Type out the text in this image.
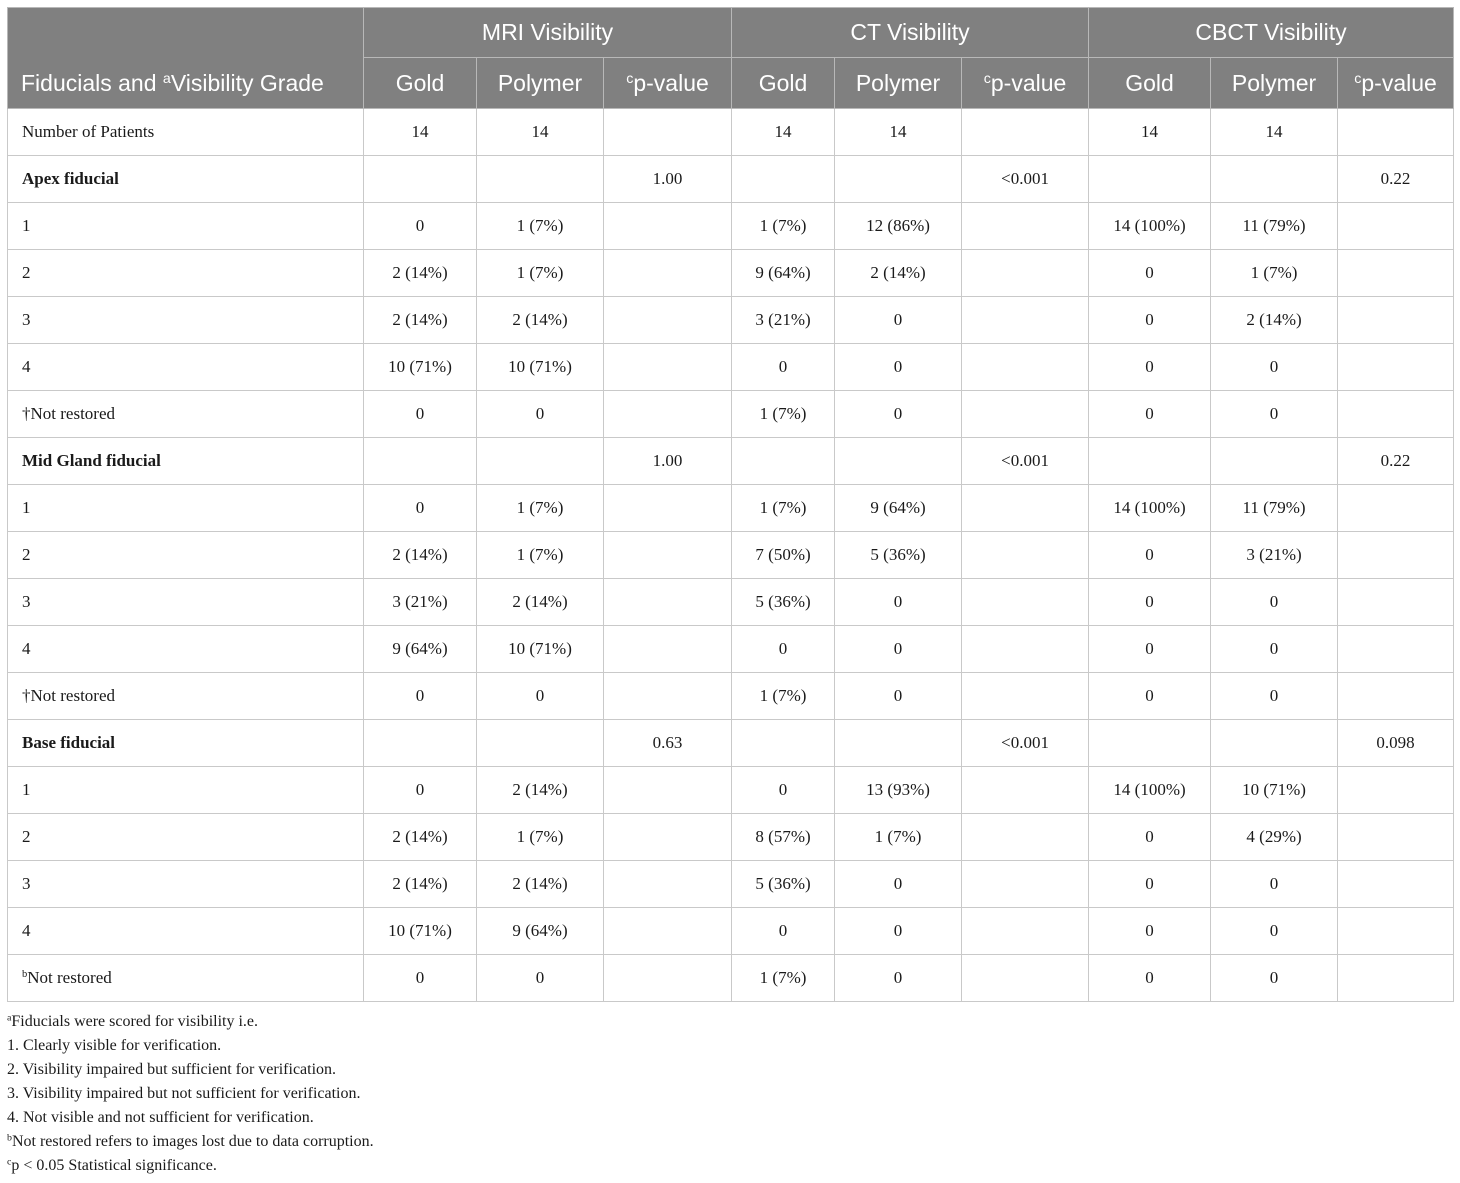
Fiducials and $^a$Visibility Grade	MRI Visibility			CT Visibility			CBCT Visibility		
	Gold	Polymer	$^c$p-value	Gold	Polymer	$^c$p-value	Gold	Polymer	$^c$p-value
Number of Patients	14	14		14	14		14	14	
Apex fiducial			1.00			<0.001			0.22
1	0	1 (7%)		1 (7%)	12 (86%)		14 (100%)	11 (79%)	
2	2 (14%)	1 (7%)		9 (64%)	2 (14%)		0	1 (7%)	
3	2 (14%)	2 (14%)		3 (21%)	0		0	2 (14%)	
4	10 (71%)	10 (71%)		0	0		0	0	
†Not restored	0	0		1 (7%)	0		0	0	
Mid Gland fiducial			1.00			<0.001			0.22
1	0	1 (7%)		1 (7%)	9 (64%)		14 (100%)	11 (79%)	
2	2 (14%)	1 (7%)		7 (50%)	5 (36%)		0	3 (21%)	
3	3 (21%)	2 (14%)		5 (36%)	0		0	0	
4	9 (64%)	10 (71%)		0	0		0	0	
†Not restored	0	0		1 (7%)	0		0	0	
Base fiducial			0.63			<0.001			0.098
1	0	2 (14%)		0	13 (93%)		14 (100%)	10 (71%)	
2	2 (14%)	1 (7%)		8 (57%)	1 (7%)		0	4 (29%)	
3	2 (14%)	2 (14%)		5 (36%)	0		0	0	
4	10 (71%)	9 (64%)		0	0		0	0	
$^b$Not restored	0	0		1 (7%)	0		0	0	
$^a$Fiducials were scored for visibility i.e.
1. Clearly visible for verification.
2. Visibility impaired but sufficient for verification.
3. Visibility impaired but not sufficient for verification.
4. Not visible and not sufficient for verification.
$^b$Not restored refers to images lost due to data corruption.
$^c$p < 0.05 Statistical significance.
